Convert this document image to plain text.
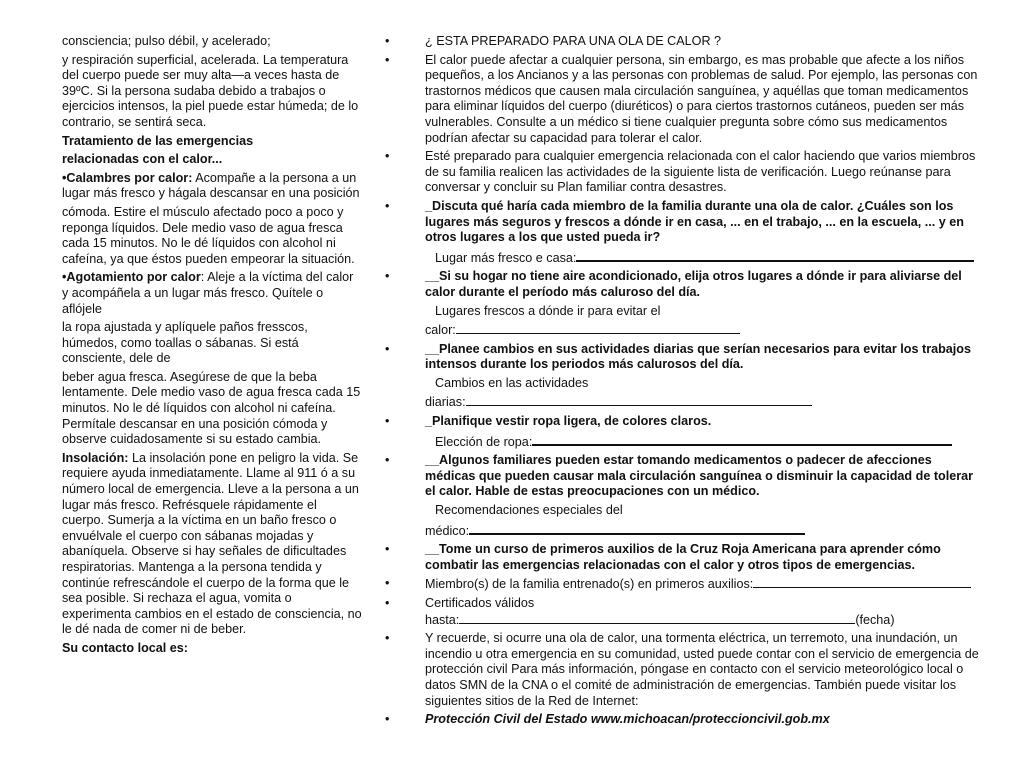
consciencia; pulso débil, y acelerado;

y respiración superficial, acelerada. La temperatura del cuerpo puede ser muy alta—a veces hasta de 39ºC. Si la persona sudaba debido a trabajos o ejercicios intensos, la piel puede estar húmeda; de lo contrario, se sentirá seca.

Tratamiento de las emergencias

relacionadas con el calor...

•Calambres por calor: Acompañe a la persona a un lugar más fresco y hágala descansar en una posición

cómoda. Estire el músculo afectado poco a poco y reponga líquidos. Dele medio vaso de agua fresca cada 15 minutos. No le dé líquidos con alcohol ni cafeína, ya que éstos pueden empeorar la situación.

•Agotamiento por calor: Aleje a la víctima del calor y acompáñela a un lugar más fresco. Quítele o aflójele

la ropa ajustada y aplíquele paños fresscos, húmedos, como toallas o sábanas. Si está consciente, dele de

beber agua fresca. Asegúrese de que la beba lentamente. Dele medio vaso de agua fresca cada 15 minutos. No le dé líquidos con alcohol ni cafeína. Permítale descansar en una posición cómoda y observe cuidadosamente si su estado cambia.

Insolación: La insolación pone en peligro la vida. Se requiere ayuda inmediatamente. Llame al 911 ó a su número local de emergencia. Lleve a la persona a un lugar más fresco. Refrésquele rápidamente el cuerpo. Sumerja a la víctima en un baño fresco o envuélvale el cuerpo con sábanas mojadas y abaníquela. Observe si hay señales de dificultades respiratorias. Mantenga a la persona tendida y continúe refrescándole el cuerpo de la forma que le sea posible. Si rechaza el agua, vomita o experimenta cambios en el estado de consciencia, no le dé nada de comer ni de beber.

Su contacto local es:

•	¿ ESTA PREPARADO PARA UNA OLA DE CALOR ?
•	El calor puede afectar a cualquier persona, sin embargo, es mas probable que afecte a los niños pequeños, a los Ancianos y a las personas con problemas de salud. Por ejemplo, las personas con trastornos médicos que causen mala circulación sanguínea, y aquéllas que toman medicamentos para eliminar líquidos del cuerpo (diuréticos) o para ciertos trastornos cutáneos, pueden ser más vulnerables. Consulte a un médico si tiene cualquier pregunta sobre cómo sus medicamentos podrían afectar su capacidad para tolerar el calor.
•	Esté preparado para cualquier emergencia relacionada con el calor haciendo que varios miembros de su familia realicen las actividades de la siguiente lista de verificación. Luego reúnanse para conversar y concluir su Plan familiar contra desastres.
•	_Discuta qué haría cada miembro de la familia durante una ola de calor. ¿Cuáles son los lugares más seguros y frescos a dónde ir en casa, ... en el trabajo, ... en la escuela, ... y en otros lugares a los que usted pueda ir?
Lugar más fresco e casa:
•	__Si su hogar no tiene aire acondicionado, elija otros lugares a dónde ir para aliviarse del calor durante el período más caluroso del día.
Lugares frescos a dónde ir para evitar el
calor:
•	__Planee cambios en sus actividades diarias que serían necesarios para evitar los trabajos intensos durante los periodos más calurosos del día.
Cambios en las actividades
diarias:
•	_Planifique vestir ropa ligera, de colores claros.
Elección de ropa:
•	__Algunos familiares pueden estar tomando medicamentos o padecer de afecciones médicas que pueden causar mala circulación sanguínea o disminuir la capacidad de tolerar el calor. Hable de estas preocupaciones con un médico.
Recomendaciones especiales del
médico:
•	__Tome un curso de primeros auxilios de la Cruz Roja Americana para aprender cómo combatir las emergencias relacionadas con el calor y otros tipos de emergencias.
•	Miembro(s) de la familia entrenado(s) en primeros auxilios:
•	Certificados válidos
hasta:	(fecha)
•	Y recuerde, si ocurre una ola de calor, una tormenta eléctrica, un terremoto, una inundación, un incendio u otra emergencia en su comunidad, usted puede contar con el servicio de emergencia de protección civil Para más información, póngase en contacto con el servicio meteorológico local o datos SMN de la CNA o el comité de administración de emergencias. También puede visitar los siguientes sitios de la Red de Internet:
•	Protección Civil del Estado www.michoacan/proteccioncivil.gob.mx
